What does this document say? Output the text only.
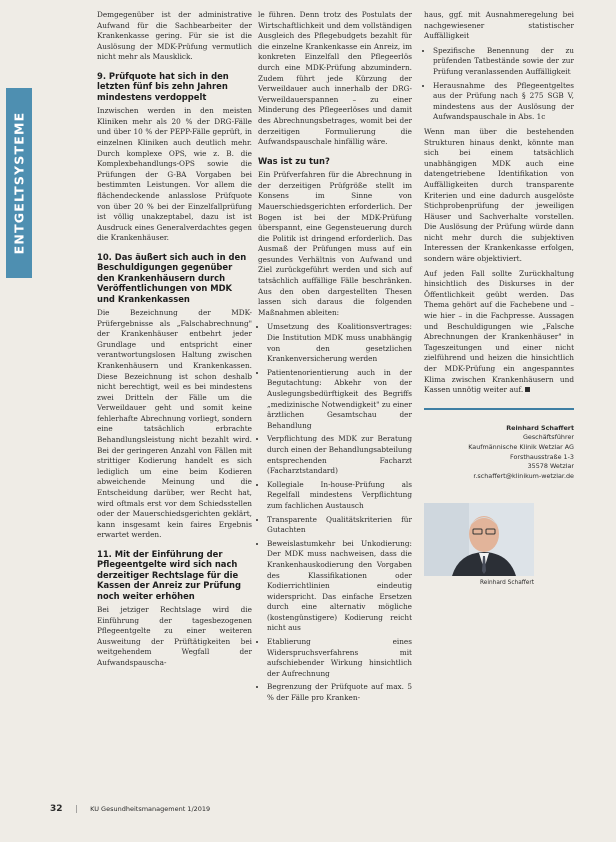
ENTGELTSYSTEME

Demgegenüber ist der administrative Aufwand für die Sachbearbeiter der Krankenkasse gering. Für sie ist die Auslösung der MDK-Prüfung vermutlich nicht mehr als Mausklick.

9. Prüfquote hat sich in den letzten fünf bis zehn Jahren mindestens verdoppelt

Inzwischen werden in den meisten Kliniken mehr als 20 % der DRG-Fälle und über 10 % der PEPP-Fälle geprüft, in einzelnen Kliniken auch deutlich mehr. Durch komplexe OPS, wie z. B. die Komplexbehandlungs-OPS sowie die Prüfungen der G-BA Vorgaben bei bestimmten Leistungen. Vor allem die flächendeckende anlasslose Prüfquote von über 20 % bei der Einzelfallprüfung ist völlig unakzeptabel, dazu ist ist Ausdruck eines Generalverdachtes gegen die Krankenhäuser.

10. Das äußert sich auch in den Beschuldigungen gegenüber den Krankenhäusern durch Veröffentlichungen von MDK und Krankenkassen

Die Bezeichnung der MDK-Prüfergebnisse als „Falschabrechnung" der Krankenhäuser entbehrt jeder Grundlage und entspricht einer verantwortungslosen Haltung zwischen Krankenhäusern und Krankenkassen. Diese Bezeichnung ist schon deshalb nicht berechtigt, weil es bei mindestens zwei Dritteln der Fälle um die Verweildauer geht und somit keine fehlerhafte Abrechnung vorliegt, sondern eine tatsächlich erbrachte Behandlungsleistung nicht bezahlt wird. Bei der geringeren Anzahl von Fällen mit strittiger Kodierung handelt es sich lediglich um eine beim Kodieren abweichende Meinung und die Entscheidung darüber, wer Recht hat, wird oftmals erst vor dem Schiedsstellen oder der Mauerschiedsgerichten geklärt, kann insgesamt kein faires Ergebnis erwartet werden.

11. Mit der Einführung der Pflegeentgelte wird sich nach derzeitiger Rechtslage für die Kassen der Anreiz zur Prüfung noch weiter erhöhen

Bei jetziger Rechtslage wird die Einführung der tagesbezogenen Pflegeentgelte zu einer weiteren Ausweitung der Prüftätigkeiten bei weitgehendem Wegfall der Aufwandspauscha-

le führen. Denn trotz des Postulats der Wirtschaftlichkeit und dem vollständigen Ausgleich des Pflegebudgets bezahlt für die einzelne Krankenkasse ein Anreiz, im konkreten Einzelfall den Pflegeerlös durch eine MDK-Prüfung abzumindern. Zudem führt jede Kürzung der Verweildauer auch innerhalb der DRG-Verweildauerspannen – zu einer Minderung des Pflegeerlöses und damit des Abrechnungsbetrages, womit bei der derzeitigen Formulierung die Aufwandspauschale hinfällig wäre.

Was ist zu tun?

Ein Prüfverfahren für die Abrechnung in der derzeitigen Prüfgröße stellt im Konsens im Sinne von Mauerschiedsgerichten erforderlich. Der Bogen ist bei der MDK-Prüfung überspannt, eine Gegensteuerung durch die Politik ist dringend erforderlich. Das Ausmaß der Prüfungen muss auf ein gesundes Verhältnis von Aufwand und Ziel zurückgeführt werden und sich auf tatsächlich auffällige Fälle beschränken. Aus den oben dargestellten Thesen lassen sich daraus die folgenden Maßnahmen ableiten:

• Umsetzung des Koalitionsvertrages: Die Institution MDK muss unabhängig von den gesetzlichen Krankenversicherung werden
• Patientenorientierung auch in der Begutachtung: Abkehr von der Auslegungsbedürftigkeit des Begriffs „medizinische Notwendigkeit" zu einer ärztlichen Gesamtschau der Behandlung
• Verpflichtung des MDK zur Beratung durch einen der Behandlungsabteilung entsprechenden Facharzt (Facharztstandard)
• Kollegiale In-house-Prüfung als Regelfall mindestens Verpflichtung zum fachlichen Austausch
• Transparente Qualitätskriterien für Gutachten
• Beweislastumkehr bei Unkodierung: Der MDK muss nachweisen, dass die Krankenhauskodierung den Vorgaben des Klassifikationen oder Kodierrichtlinien eindeutig widerspricht. Das einfache Ersetzen durch eine alternativ mögliche (kostengünstigere) Kodierung reicht nicht aus
• Etablierung eines Widerspruchsverfahrens mit aufschiebender Wirkung hinsichtlich der Aufrechnung
• Begrenzung der Prüfquote auf max. 5 % der Fälle pro Kranken-

haus, ggf. mit Ausnahmeregelung bei nachgewiesener statistischer Auffälligkeit

• Spezifische Benennung der zu prüfenden Tatbestände sowie der zur Prüfung veranlassenden Auffälligkeit
• Herausnahme des Pflegeentgeltes aus der Prüfung nach § 275 SGB V, mindestens aus der Auslösung der Aufwandspauschale in Abs. 1c

Wenn man über die bestehenden Strukturen hinaus denkt, könnte man sich bei einem tatsächlich unabhängigen MDK auch eine datengetriebene Identifikation von Auffälligkeiten durch transparente Kriterien und eine dadurch ausgelöste Stichprobenprüfung der jeweiligen Häuser und Sachverhalte vorstellen. Die Auslösung der Prüfung würde dann nicht mehr durch die subjektiven Interessen der Krankenkasse erfolgen, sondern wäre objektiviert.

Auf jeden Fall sollte Zurückhaltung hinsichtlich des Diskurses in der Öffentlichkeit geübt werden. Das Thema gehört auf die Fachebene und – wie hier – in die Fachpresse. Aussagen und Beschuldigungen wie „Falsche Abrechnungen der Krankenhäuser" in Tageszeitungen und einer nicht zielführend und heizen die hinsichtlich der MDK-Prüfung ein angespanntes Klima zwischen Krankenhäusern und Kassen unnötig weiter auf.

Reinhard Schaffert
Geschäftsführer
Kaufmännische Klinik Wetzlar AG
Forsthausstraße 1-3
35578 Wetzlar
r.schaffert@klinikum-wetzlar.de
Reinhard Schaffert
32 | KU Gesundheitsmanagement 1/2019
